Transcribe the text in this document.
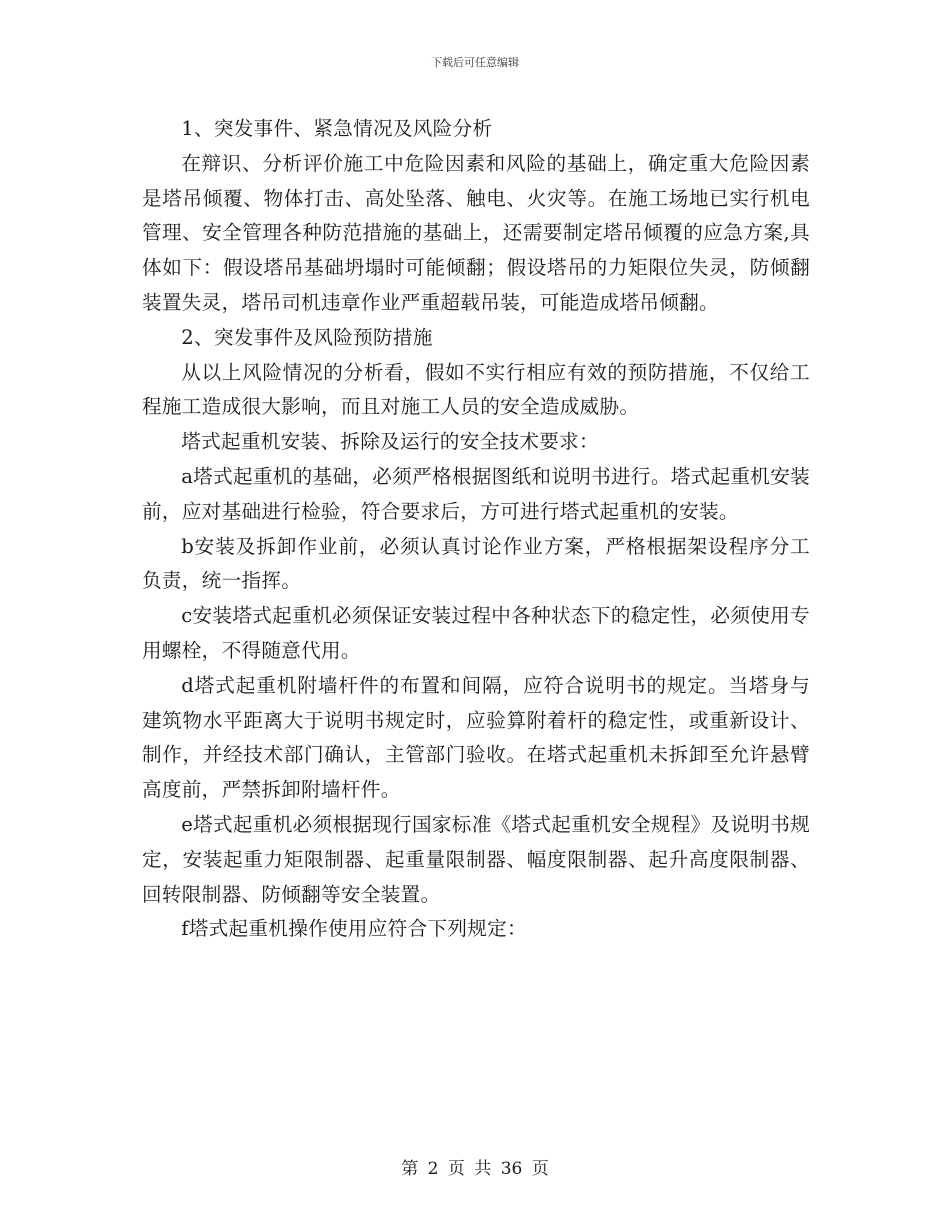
下载后可任意编辑

1、突发事件、紧急情况及风险分析

在辩识、分析评价施工中危险因素和风险的基础上，确定重大危险因素是塔吊倾覆、物体打击、高处坠落、触电、火灾等。在施工场地已实行机电管理、安全管理各种防范措施的基础上，还需要制定塔吊倾覆的应急方案,具体如下：假设塔吊基础坍塌时可能倾翻；假设塔吊的力矩限位失灵，防倾翻装置失灵，塔吊司机违章作业严重超载吊装，可能造成塔吊倾翻。

2、突发事件及风险预防措施

从以上风险情况的分析看，假如不实行相应有效的预防措施，不仅给工程施工造成很大影响，而且对施工人员的安全造成威胁。

塔式起重机安装、拆除及运行的安全技术要求：

a塔式起重机的基础，必须严格根据图纸和说明书进行。塔式起重机安装前，应对基础进行检验，符合要求后，方可进行塔式起重机的安装。

b安装及拆卸作业前，必须认真讨论作业方案，严格根据架设程序分工负责，统一指挥。

c安装塔式起重机必须保证安装过程中各种状态下的稳定性，必须使用专用螺栓，不得随意代用。

d塔式起重机附墙杆件的布置和间隔，应符合说明书的规定。当塔身与建筑物水平距离大于说明书规定时，应验算附着杆的稳定性，或重新设计、制作，并经技术部门确认，主管部门验收。在塔式起重机未拆卸至允许悬臂高度前，严禁拆卸附墙杆件。

e塔式起重机必须根据现行国家标准《塔式起重机安全规程》及说明书规定，安装起重力矩限制器、起重量限制器、幅度限制器、起升高度限制器、回转限制器、防倾翻等安全装置。

f塔式起重机操作使用应符合下列规定：

第 2 页 共 36 页
